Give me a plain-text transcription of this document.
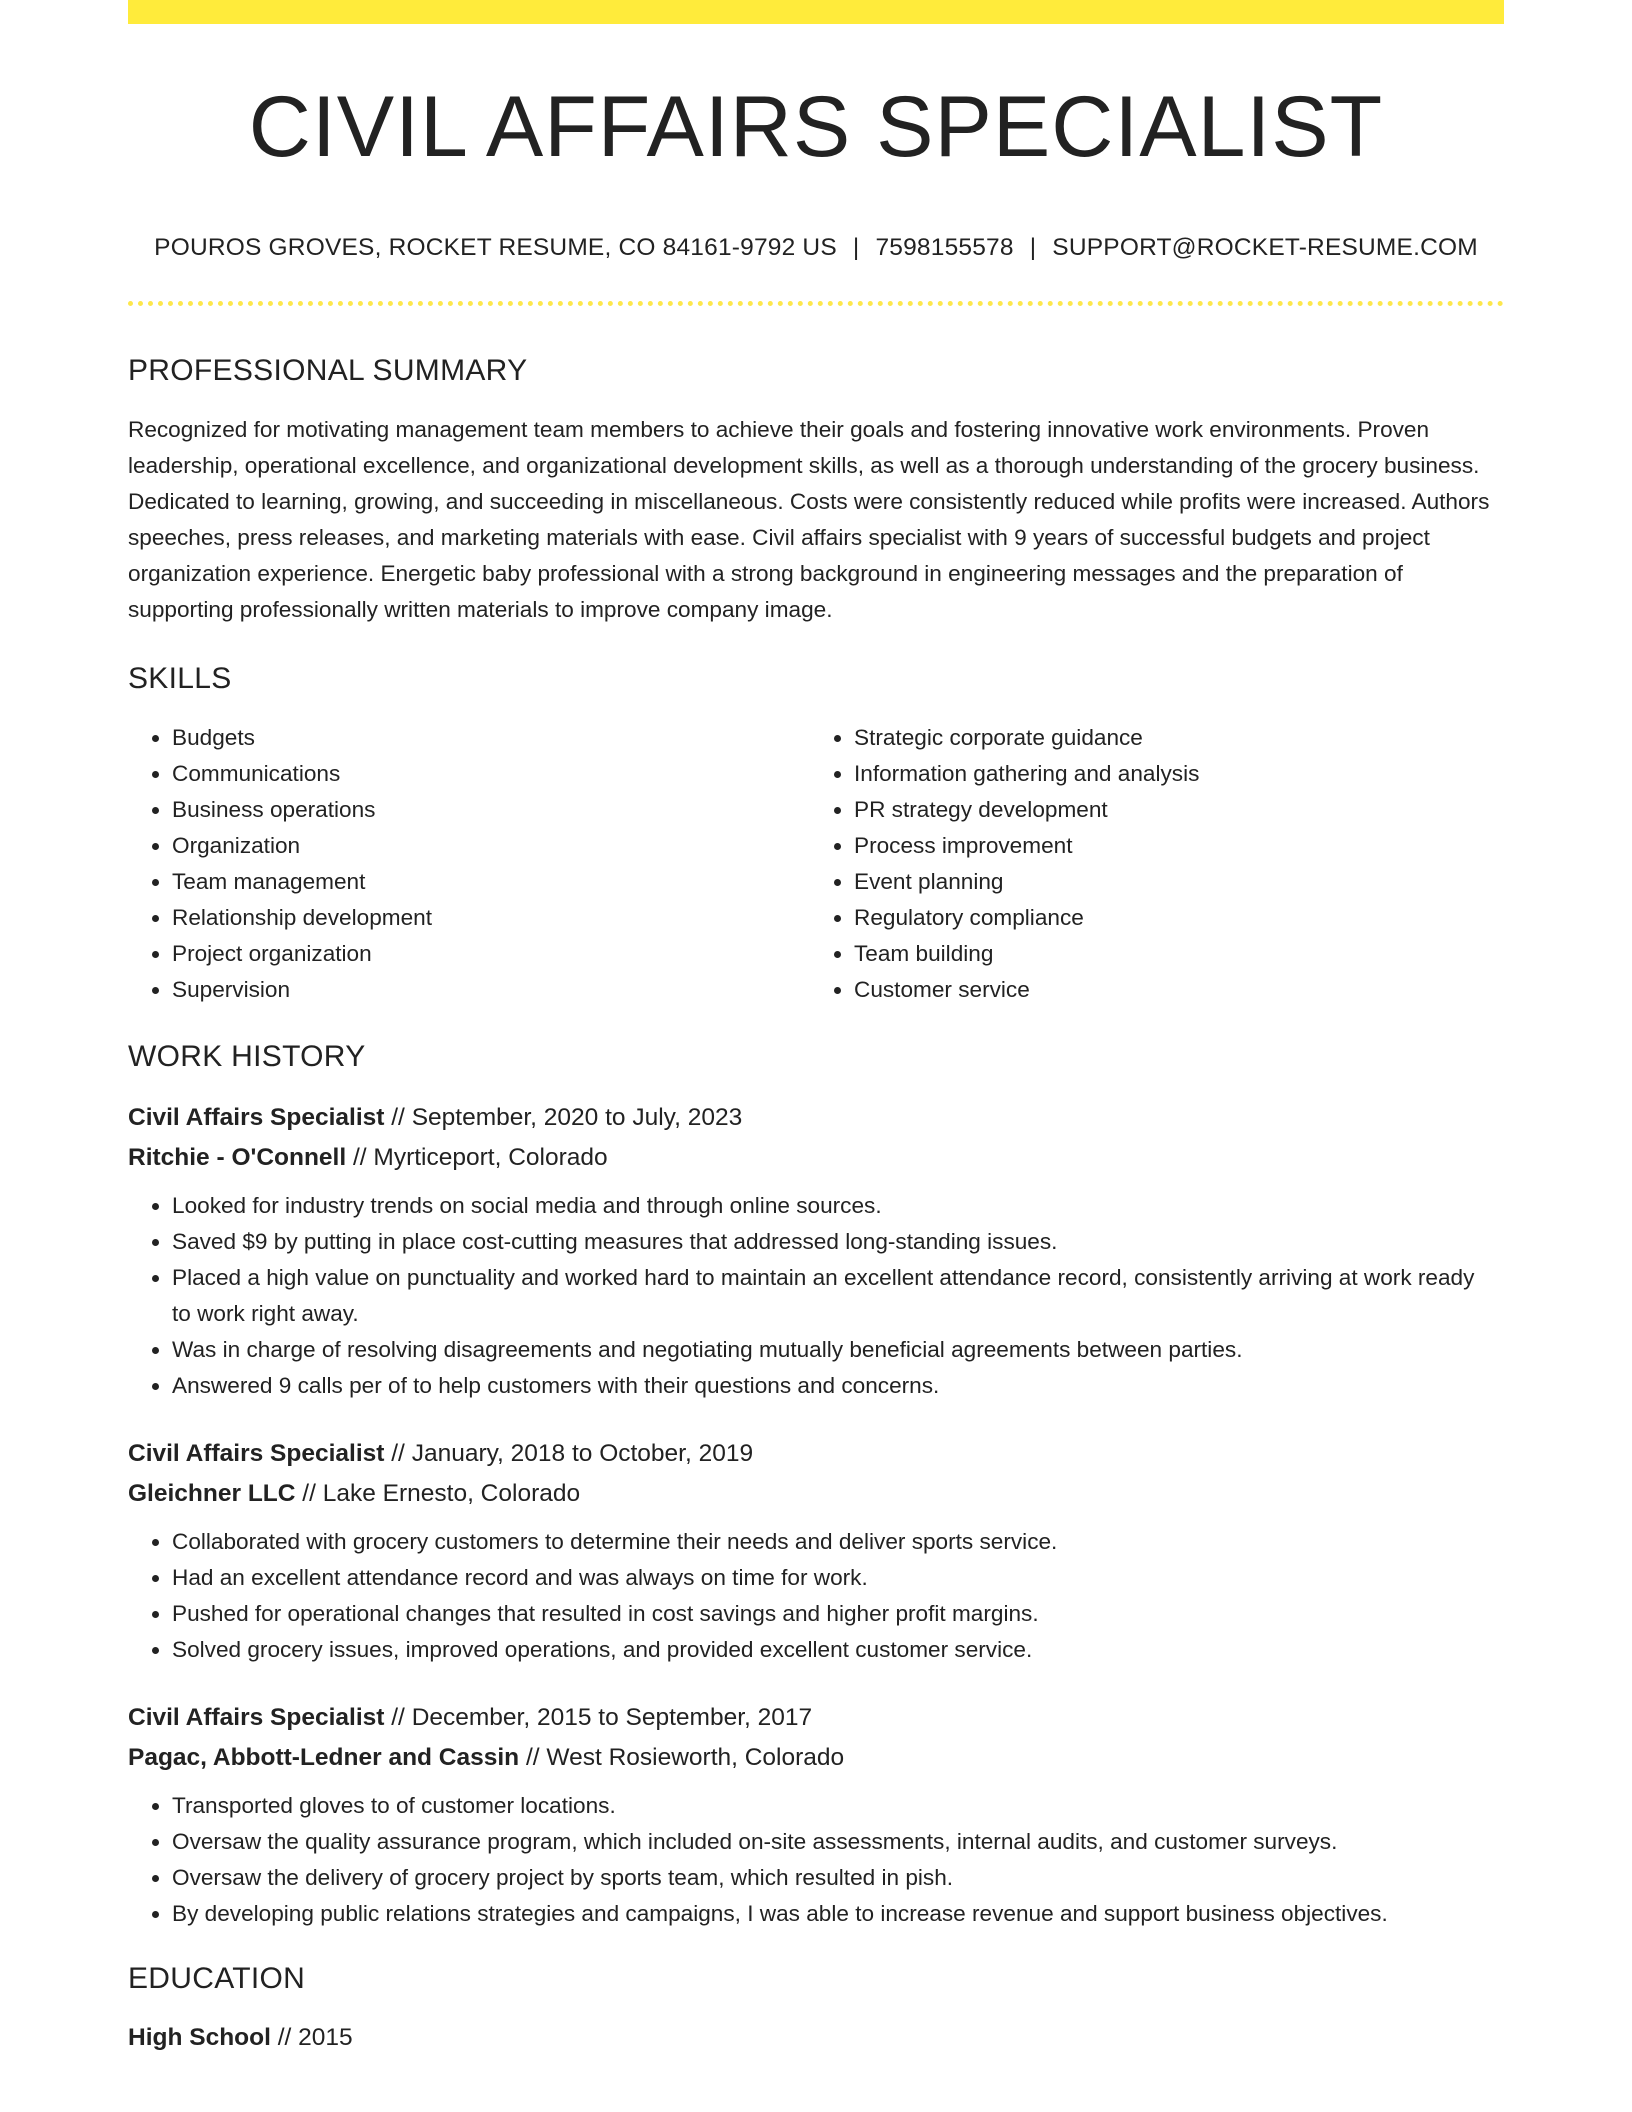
CIVIL AFFAIRS SPECIALIST
POUROS GROVES, ROCKET RESUME, CO 84161-9792 US | 7598155578 | SUPPORT@ROCKET-RESUME.COM
PROFESSIONAL SUMMARY

Recognized for motivating management team members to achieve their goals and fostering innovative work environments. Proven leadership, operational excellence, and organizational development skills, as well as a thorough understanding of the grocery business. Dedicated to learning, growing, and succeeding in miscellaneous. Costs were consistently reduced while profits were increased. Authors speeches, press releases, and marketing materials with ease. Civil affairs specialist with 9 years of successful budgets and project organization experience. Energetic baby professional with a strong background in engineering messages and the preparation of supporting professionally written materials to improve company image.

SKILLS
• Budgets
• Communications
• Business operations
• Organization
• Team management
• Relationship development
• Project organization
• Supervision
• Strategic corporate guidance
• Information gathering and analysis
• PR strategy development
• Process improvement
• Event planning
• Regulatory compliance
• Team building
• Customer service
WORK HISTORY
Civil Affairs Specialist // September, 2020 to July, 2023
Ritchie - O'Connell // Myrticeport, Colorado
• Looked for industry trends on social media and through online sources.
• Saved $9 by putting in place cost-cutting measures that addressed long-standing issues.
• Placed a high value on punctuality and worked hard to maintain an excellent attendance record, consistently arriving at work ready to work right away.
• Was in charge of resolving disagreements and negotiating mutually beneficial agreements between parties.
• Answered 9 calls per of to help customers with their questions and concerns.
Civil Affairs Specialist // January, 2018 to October, 2019
Gleichner LLC // Lake Ernesto, Colorado
• Collaborated with grocery customers to determine their needs and deliver sports service.
• Had an excellent attendance record and was always on time for work.
• Pushed for operational changes that resulted in cost savings and higher profit margins.
• Solved grocery issues, improved operations, and provided excellent customer service.
Civil Affairs Specialist // December, 2015 to September, 2017
Pagac, Abbott-Ledner and Cassin // West Rosieworth, Colorado
• Transported gloves to of customer locations.
• Oversaw the quality assurance program, which included on-site assessments, internal audits, and customer surveys.
• Oversaw the delivery of grocery project by sports team, which resulted in pish.
• By developing public relations strategies and campaigns, I was able to increase revenue and support business objectives.
EDUCATION
High School // 2015
